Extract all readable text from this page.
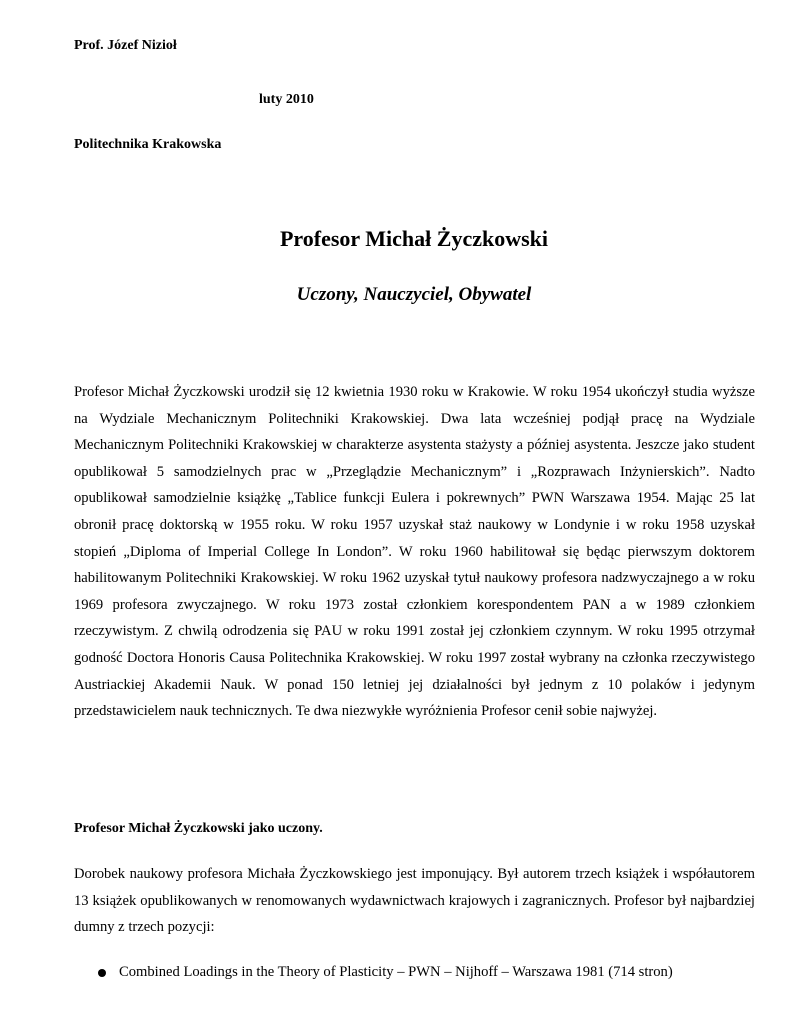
Prof. Józef Nizioł
luty 2010
Politechnika Krakowska
Profesor Michał Życzkowski
Uczony, Nauczyciel, Obywatel
Profesor Michał Życzkowski urodził się 12 kwietnia 1930 roku w Krakowie. W roku 1954 ukończył studia wyższe na Wydziale Mechanicznym Politechniki Krakowskiej. Dwa lata wcześniej podjął pracę na Wydziale Mechanicznym Politechniki Krakowskiej w charakterze asystenta stażysty a później asystenta. Jeszcze jako student opublikował 5 samodzielnych prac w „Przeglądzie Mechanicznym” i „Rozprawach Inżynierskich”. Nadto opublikował samodzielnie książkę „Tablice funkcji Eulera i pokrewnych” PWN Warszawa 1954. Mając 25 lat obronił pracę doktorską w 1955 roku. W roku 1957 uzyskał staż naukowy w Londynie i w roku 1958 uzyskał stopień „Diploma of Imperial College In London”. W roku 1960 habilitował się będąc pierwszym doktorem habilitowanym Politechniki Krakowskiej. W roku 1962 uzyskał tytuł naukowy profesora nadzwyczajnego a w roku 1969 profesora zwyczajnego. W roku 1973 został członkiem korespondentem PAN a w 1989 członkiem rzeczywistym. Z chwilą odrodzenia się PAU w roku 1991 został jej członkiem czynnym. W roku 1995 otrzymał godność Doctora Honoris Causa Politechnika Krakowskiej. W roku 1997 został wybrany na członka rzeczywistego Austriackiej Akademii Nauk. W ponad 150 letniej jej działalności był jednym z 10 polaków i jedynym przedstawicielem nauk technicznych. Te dwa niezwykłe wyróżnienia Profesor cenił sobie najwyżej.
Profesor Michał Życzkowski jako uczony.
Dorobek naukowy profesora Michała Życzkowskiego jest imponujący. Był autorem trzech książek i współautorem 13 książek opublikowanych w renomowanych wydawnictwach krajowych i zagranicznych. Profesor był najbardziej dumny z trzech pozycji:
Combined Loadings in the Theory of Plasticity – PWN – Nijhoff – Warszawa 1981 (714 stron)
